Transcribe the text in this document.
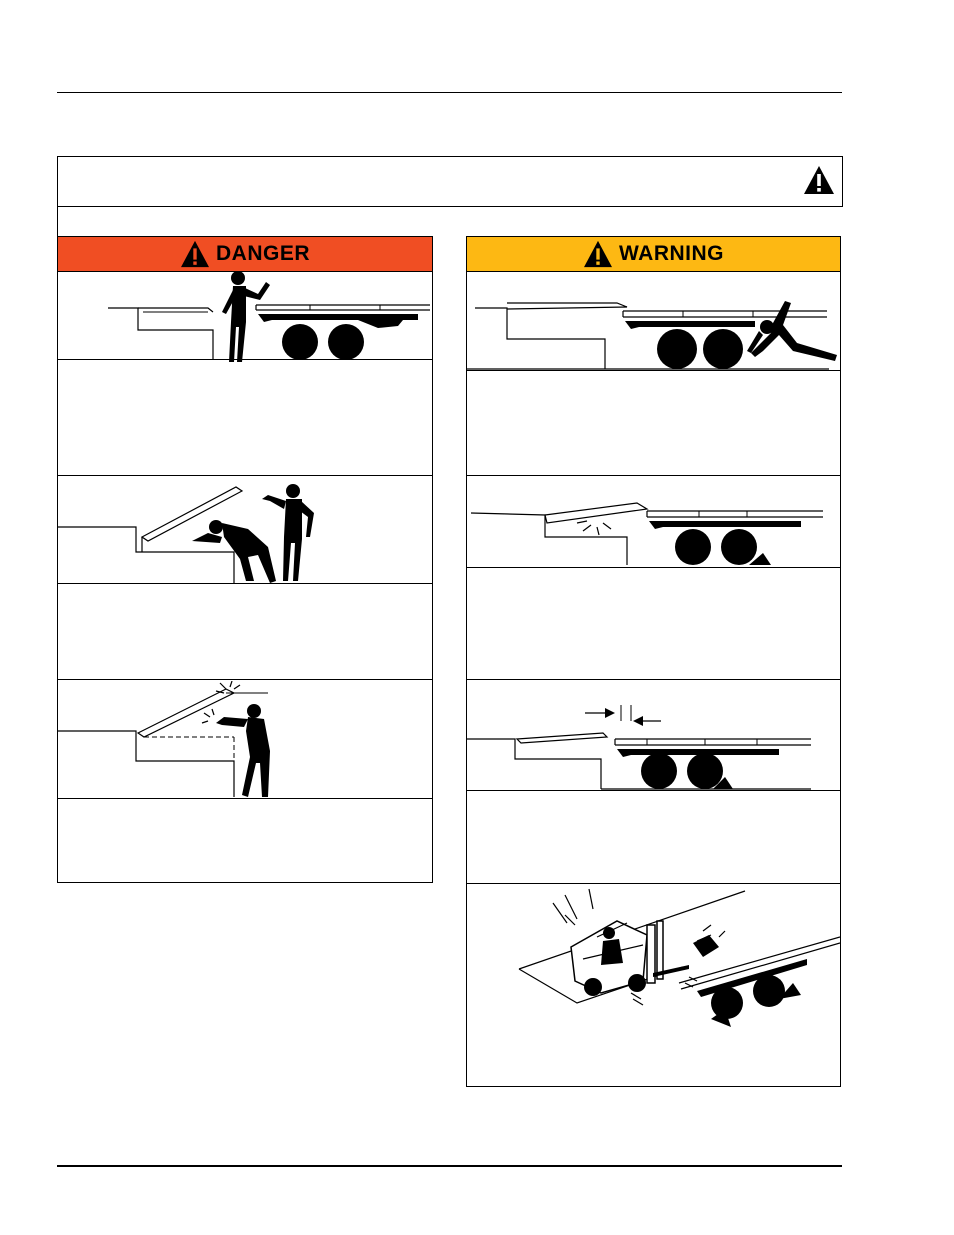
DANGER	WARNING
